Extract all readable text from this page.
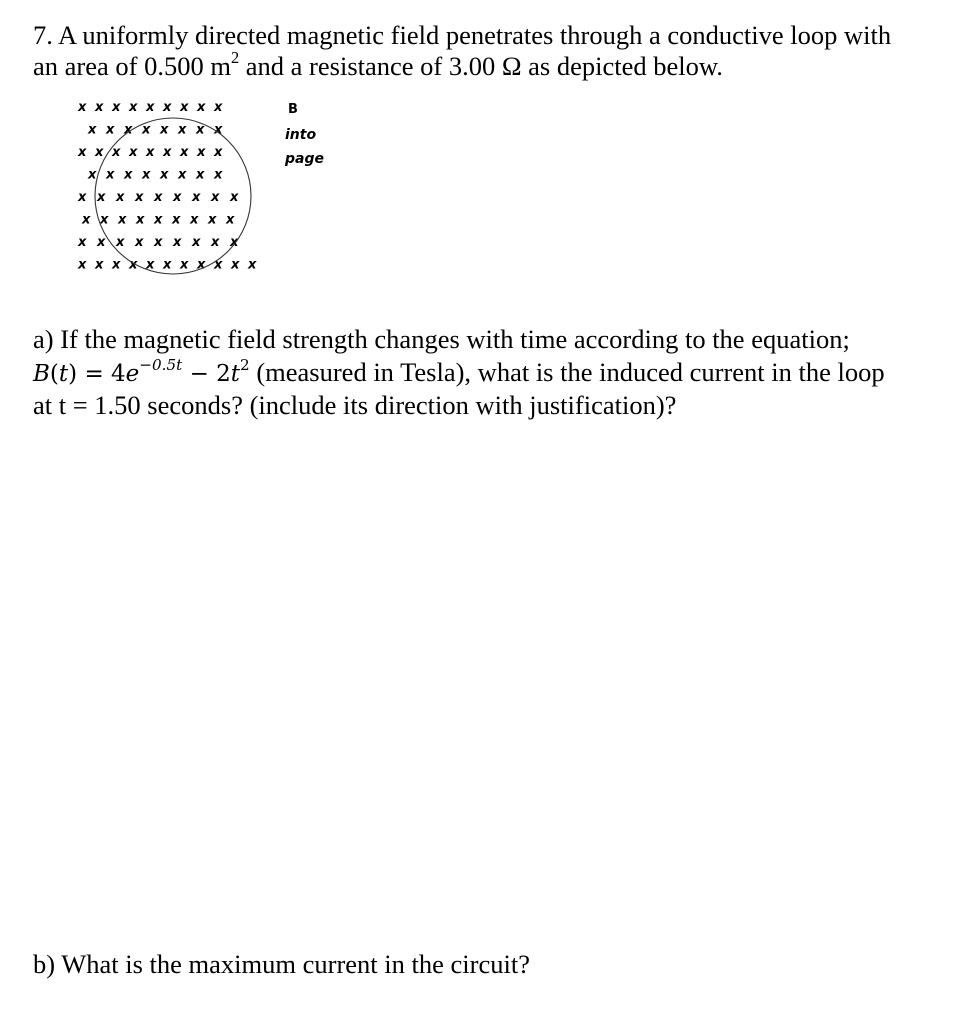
7. A uniformly directed magnetic field penetrates through a conductive loop with
an area of 0.500 $m^2$ and a resistance of 3.00 Ω as depicted below.
x x x x x x x x x
x x x x x x x x
x x x x x x x x x
x x x x x x x x
x x x x x x x x x
x x x x x x x x x
x x x x x x x x x
x x x x x x x x x x x
B
into
page
a) If the magnetic field strength changes with time according to the equation;
$B(t) = 4e^{-0.5t} - 2t^2$ (measured in Tesla), what is the induced current in the loop
at t = 1.50 seconds? (include its direction with justification)?
b) What is the maximum current in the circuit?
